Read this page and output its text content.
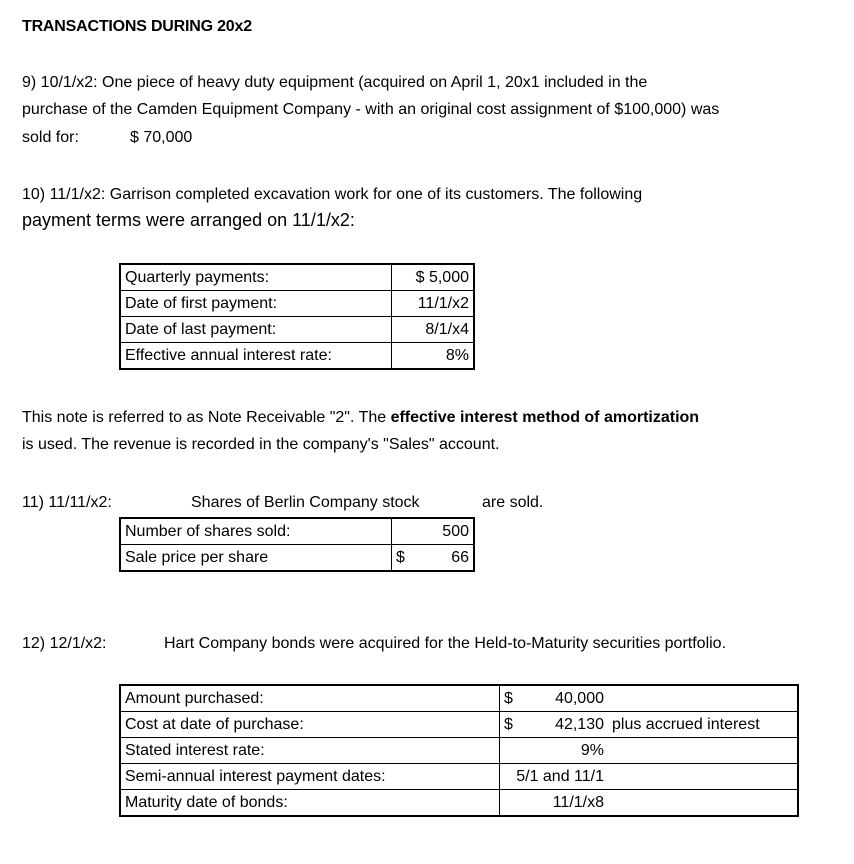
TRANSACTIONS DURING 20x2
9) 10/1/x2: One piece of heavy duty equipment (acquired on April 1, 20x1 included in the
purchase of the Camden Equipment Company - with an original cost assignment of $100,000) was
sold for:	$ 70,000
10) 11/1/x2: Garrison completed excavation work for one of its customers. The following
payment terms were arranged on 11/1/x2:
Quarterly payments:	$ 5,000
Date of first payment:	11/1/x2
Date of last payment:	8/1/x4
Effective annual interest rate:	8%
This note is referred to as Note Receivable "2". The effective interest method of amortization
is used. The revenue is recorded in the company's "Sales" account.
11) 11/11/x2:	Shares of Berlin Company stock	are sold.
Number of shares sold:		500
Sale price per share	$	66
12) 12/1/x2:	Hart Company bonds were acquired for the Held-to-Maturity securities portfolio.
Amount purchased:	$	40,000	
Cost at date of purchase:	$	42,130	plus accrued interest
Stated interest rate:		9%	
Semi-annual interest payment dates:	5/1 and 11/1		
Maturity date of bonds:		11/1/x8	
